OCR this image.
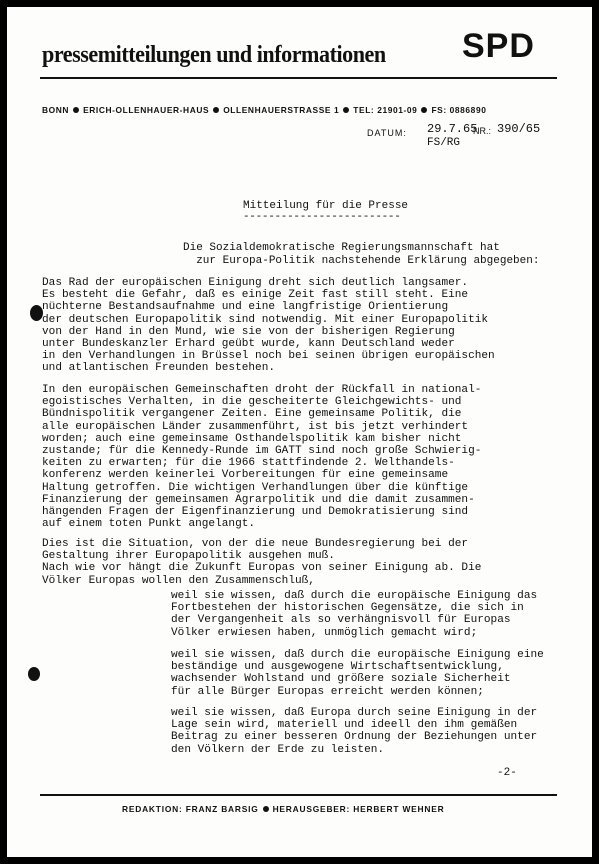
pressemitteilungen und informationen SPD
BONN ERICH-OLLENHAUER-HAUS OLLENHAUERSTRASSE 1 TEL: 21901-09 FS: 0886890
DATUM: 29.7.65
NR.: 390/65
FS/RG
Mitteilung für die Presse
-------------------------
Die Sozialdemokratische Regierungsmannschaft hat
zur Europa-Politik nachstehende Erklärung abgegeben:
Das Rad der europäischen Einigung dreht sich deutlich langsamer.
Es besteht die Gefahr, daß es einige Zeit fast still steht. Eine
nüchterne Bestandsaufnahme und eine langfristige Orientierung
der deutschen Europapolitik sind notwendig. Mit einer Europapolitik
von der Hand in den Mund, wie sie von der bisherigen Regierung
unter Bundeskanzler Erhard geübt wurde, kann Deutschland weder
in den Verhandlungen in Brüssel noch bei seinen übrigen europäischen
und atlantischen Freunden bestehen.
In den europäischen Gemeinschaften droht der Rückfall in national-
egoistisches Verhalten, in die gescheiterte Gleichgewichts- und
Bündnispolitik vergangener Zeiten. Eine gemeinsame Politik, die
alle europäischen Länder zusammenführt, ist bis jetzt verhindert
worden; auch eine gemeinsame Osthandelspolitik kam bisher nicht
zustande; für die Kennedy-Runde im GATT sind noch große Schwierig-
keiten zu erwarten; für die 1966 stattfindende 2. Welthandels-
konferenz werden keinerlei Vorbereitungen für eine gemeinsame
Haltung getroffen. Die wichtigen Verhandlungen über die künftige
Finanzierung der gemeinsamen Agrarpolitik und die damit zusammen-
hängenden Fragen der Eigenfinanzierung und Demokratisierung sind
auf einem toten Punkt angelangt.
Dies ist die Situation, von der die neue Bundesregierung bei der
Gestaltung ihrer Europapolitik ausgehen muß.
Nach wie vor hängt die Zukunft Europas von seiner Einigung ab. Die
Völker Europas wollen den Zusammenschluß,
weil sie wissen, daß durch die europäische Einigung das
Fortbestehen der historischen Gegensätze, die sich in
der Vergangenheit als so verhängnisvoll für Europas
Völker erwiesen haben, unmöglich gemacht wird;
weil sie wissen, daß durch die europäische Einigung eine
beständige und ausgewogene Wirtschaftsentwicklung,
wachsender Wohlstand und größere soziale Sicherheit
für alle Bürger Europas erreicht werden können;
weil sie wissen, daß Europa durch seine Einigung in der
Lage sein wird, materiell und ideell den ihm gemäßen
Beitrag zu einer besseren Ordnung der Beziehungen unter
den Völkern der Erde zu leisten.
-2-
REDAKTION: FRANZ BARSIG HERAUSGEBER: HERBERT WEHNER
